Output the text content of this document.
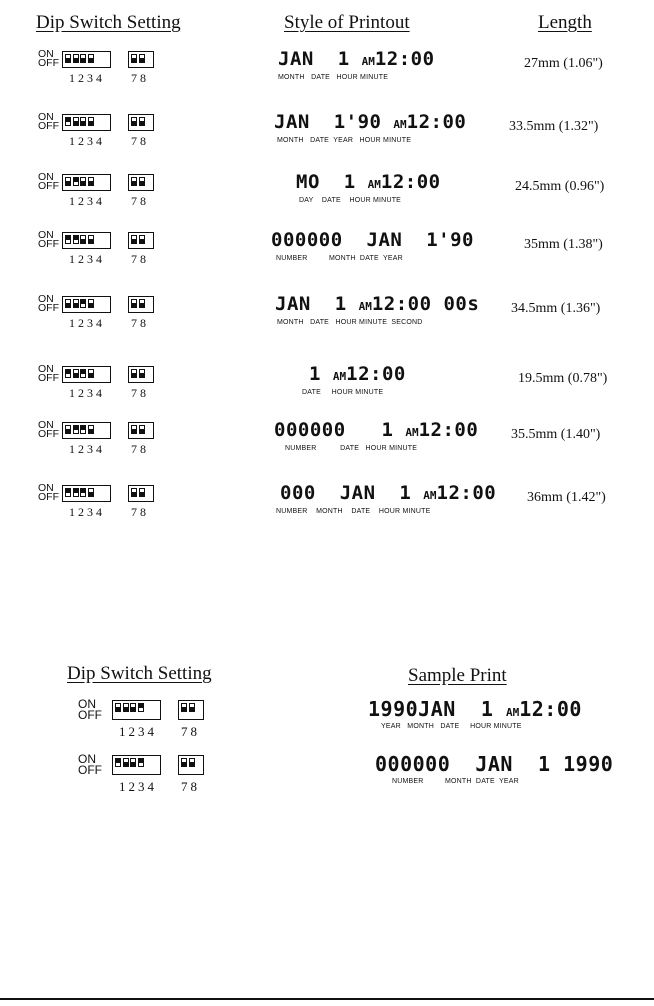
Dip Switch Setting	Style of Printout	Length
ON
OFF
1234 78
JAN  1 AM12:00
MONTH   DATE   HOUR MINUTE
27mm (1.06")
ON
OFF
1234 78
JAN  1'90 AM12:00
MONTH   DATE  YEAR   HOUR MINUTE
33.5mm (1.32")
ON
OFF
1234 78
MO  1 AM12:00
DAY    DATE    HOUR MINUTE
24.5mm (0.96")
ON
OFF
1234 78
000000  JAN  1'90
NUMBER          MONTH  DATE  YEAR
35mm (1.38")
ON
OFF
1234 78
JAN  1 AM12:00 00s
MONTH   DATE   HOUR MINUTE  SECOND
34.5mm (1.36")
ON
OFF
1234 78
1 AM12:00
DATE     HOUR MINUTE
19.5mm (0.78")
ON
OFF
1234 78
000000   1 AM12:00
NUMBER           DATE   HOUR MINUTE
35.5mm (1.40")
ON
OFF
1234 78
000  JAN  1 AM12:00
NUMBER    MONTH    DATE    HOUR MINUTE
36mm (1.42")
Dip Switch Setting	Sample Print
ON
OFF
1234 78
1990JAN  1 AM12:00
YEAR   MONTH   DATE     HOUR MINUTE
ON
OFF
1234 78
000000  JAN  1 1990
NUMBER          MONTH  DATE  YEAR
